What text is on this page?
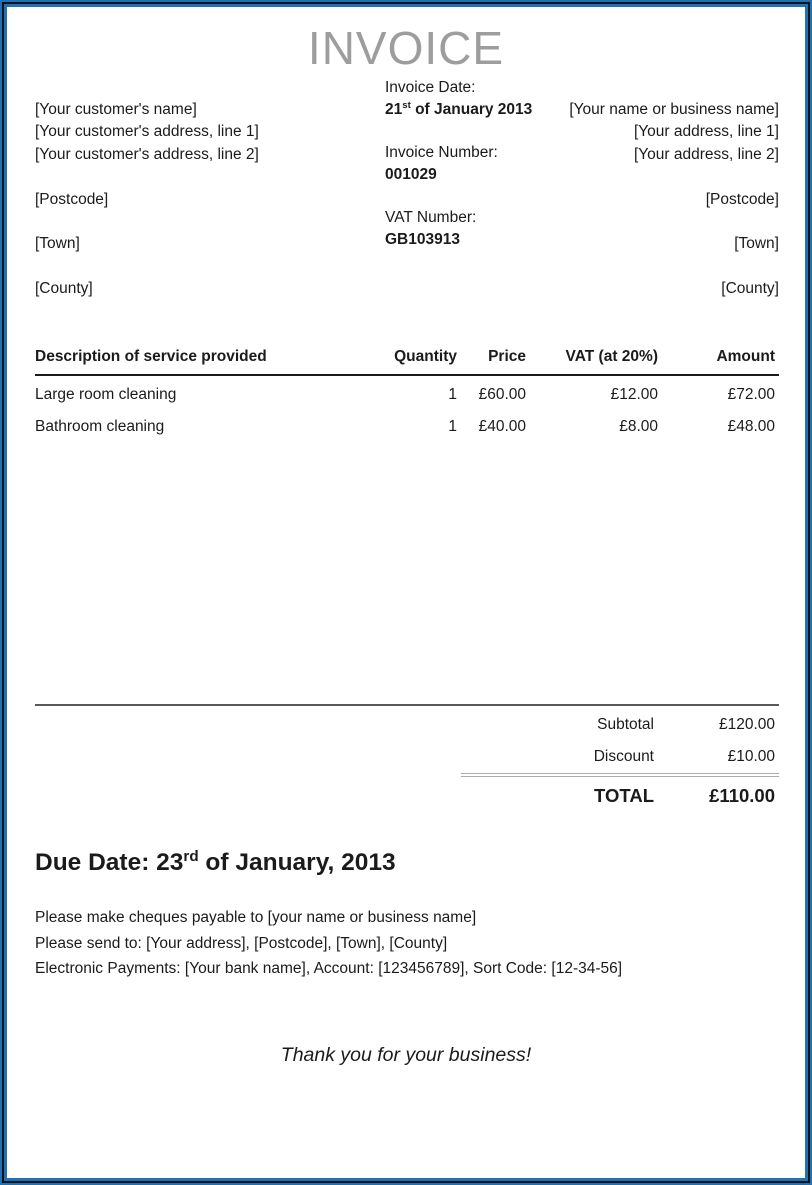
INVOICE
[Your customer's name]
[Your customer's address, line 1]
[Your customer's address, line 2]
[Postcode]
[Town]
[County]
Invoice Date:
21st of January 2013
Invoice Number:
001029
VAT Number:
GB103913
[Your name or business name]
[Your address, line 1]
[Your address, line 2]
[Postcode]
[Town]
[County]
Description of service provided	Quantity	Price	VAT (at 20%)	Amount
Large room cleaning	1	£60.00	£12.00	£72.00
Bathroom cleaning	1	£40.00	£8.00	£48.00
Subtotal	£120.00
Discount	£10.00
TOTAL	£110.00
Due Date: 23rd of January, 2013
Please make cheques payable to [your name or business name]
Please send to: [Your address], [Postcode], [Town], [County]
Electronic Payments: [Your bank name], Account: [123456789], Sort Code: [12-34-56]
Thank you for your business!
